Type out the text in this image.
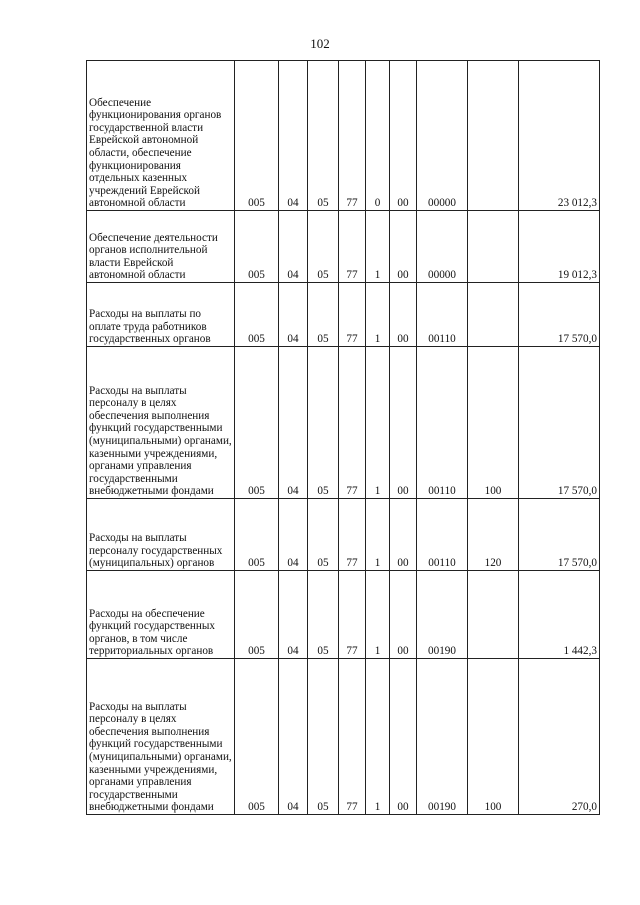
102
Обеспечение функционирования органов государственной власти Еврейской автономной области, обеспечение функционирования отдельных казенных учреждений Еврейской автономной области	005	04	05	77	0	00	00000		23 012,3
Обеспечение деятельности органов исполнительной власти Еврейской автономной области	005	04	05	77	1	00	00000		19 012,3
Расходы на выплаты по оплате труда работников государственных органов	005	04	05	77	1	00	00110		17 570,0
Расходы на выплаты персоналу в целях обеспечения выполнения функций государственными (муниципальными) органами, казенными учреждениями, органами управления государственными внебюджетными фондами	005	04	05	77	1	00	00110	100	17 570,0
Расходы на выплаты персоналу государственных (муниципальных) органов	005	04	05	77	1	00	00110	120	17 570,0
Расходы на обеспечение функций государственных органов, в том числе территориальных органов	005	04	05	77	1	00	00190		1 442,3
Расходы на выплаты персоналу в целях обеспечения выполнения функций государственными (муниципальными) органами, казенными учреждениями, органами управления государственными внебюджетными фондами	005	04	05	77	1	00	00190	100	270,0
